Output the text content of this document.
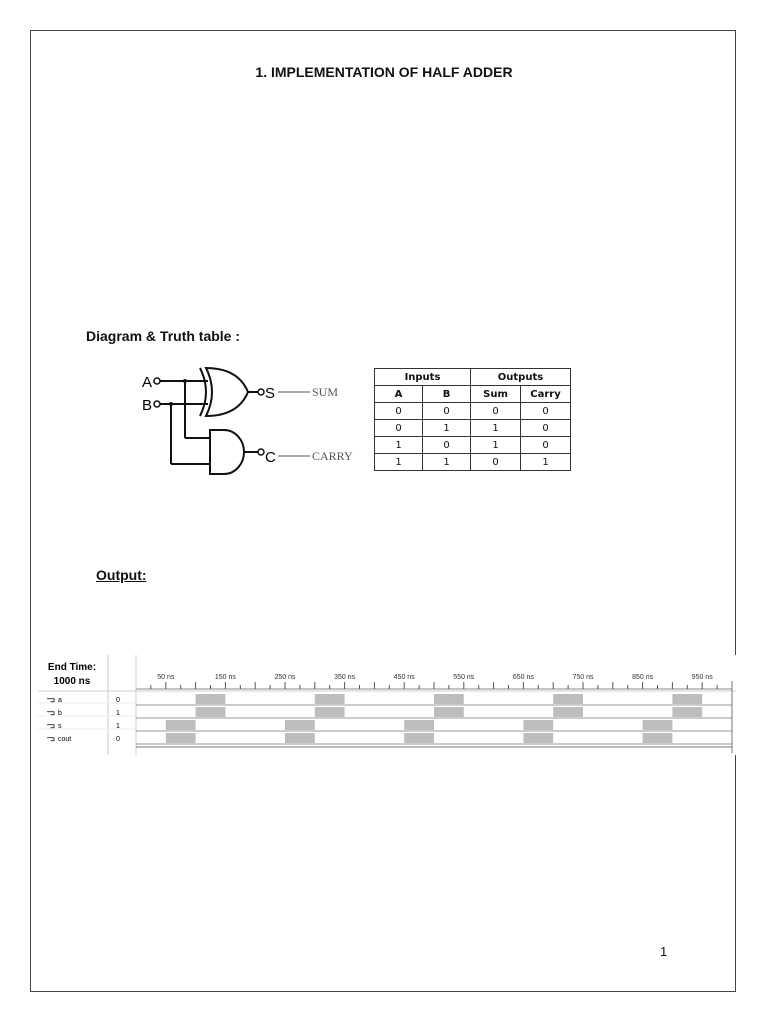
1. IMPLEMENTATION OF HALF ADDER
Diagram & Truth table :
A
B
S
C
SUM
CARRY
Inputs		Outputs	
A	B	Sum	Carry
0	0	0	0
0	1	1	0
1	0	1	0
1	1	0	1
Output:
End Time:
1000 ns	50 ns	150 ns	250 ns	350 ns	450 ns	550 ns	650 ns	750 ns	850 ns	950 ns
⫎ a	0
⫎ b	1
⫎ s	1
⫎ cout	0
1
